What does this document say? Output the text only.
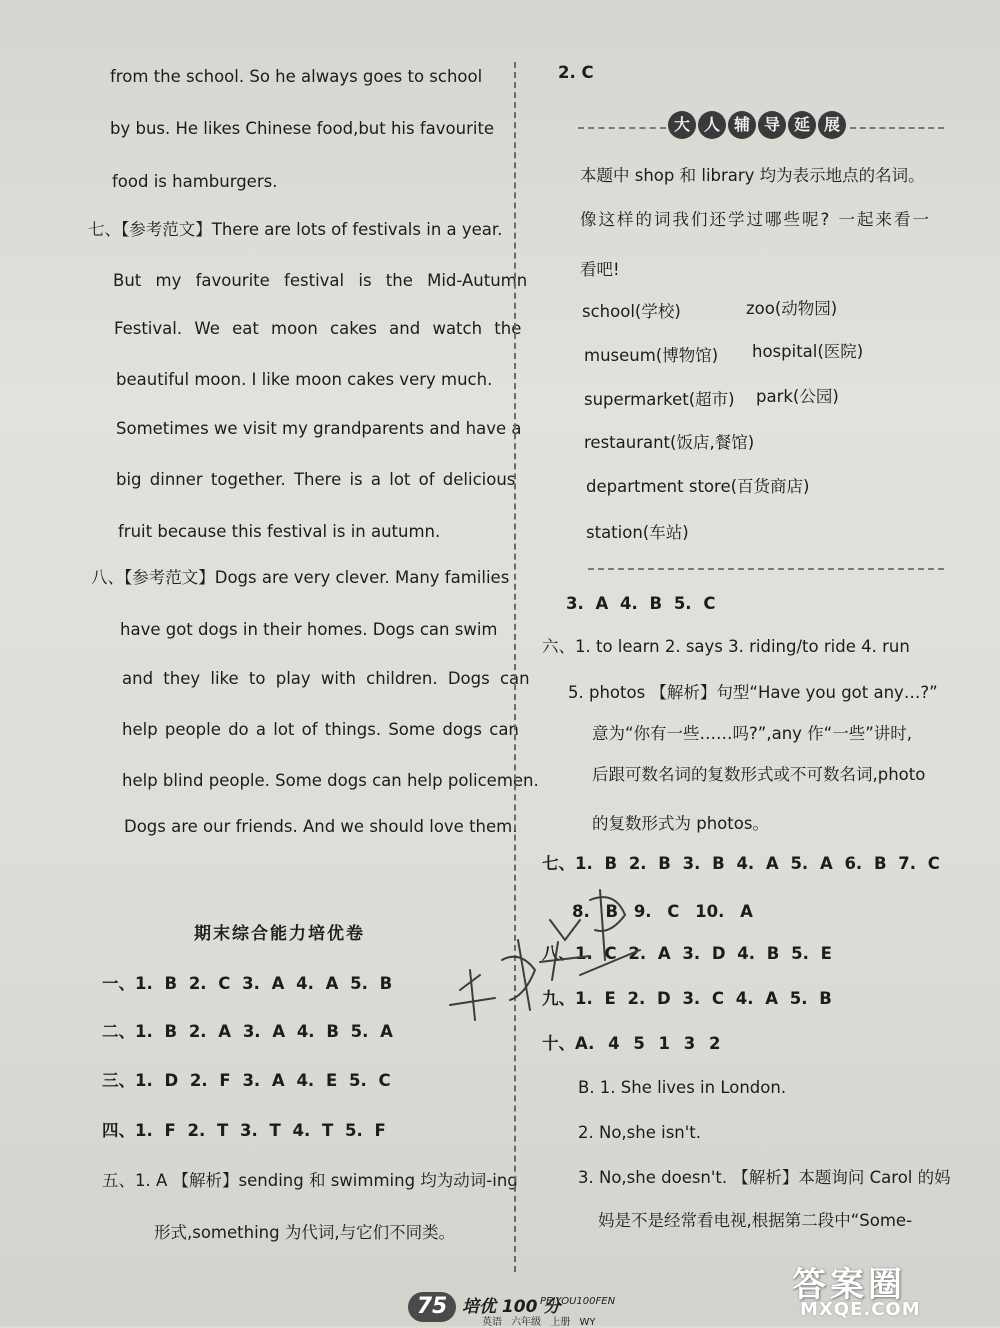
from the school. So he always goes to school
by bus. He likes Chinese food,but his favourite
food is hamburgers.
七、【参考范文】There are lots of festivals in a year.
But my favourite festival is the Mid-Autumn
Festival. We eat moon cakes and watch the
beautiful moon. I like moon cakes very much.
Sometimes we visit my grandparents and have a
big dinner together. There is a lot of delicious
fruit because this festival is in autumn.
八、【参考范文】Dogs are very clever. Many families
have got dogs in their homes. Dogs can swim
and they like to play with children. Dogs can
help people do a lot of things. Some dogs can
help blind people. Some dogs can help policemen.
Dogs are our friends. And we should love them.
期末综合能力培优卷
一、1. B 2. C 3. A 4. A 5. B
二、1. B 2. A 3. A 4. B 5. A
三、1. D 2. F 3. A 4. E 5. C
四、1. F 2. T 3. T 4. T 5. F
五、1. A 【解析】sending 和 swimming 均为动词-ing
形式,something 为代词,与它们不同类。
2. C
大 人 辅 导 延 展
本题中 shop 和 library 均为表示地点的名词。
像这样的词我们还学过哪些呢? 一起来看一
看吧!
school(学校)	zoo(动物园)
museum(博物馆) hospital(医院)
supermarket(超市) park(公园)
restaurant(饭店,餐馆)
department store(百货商店)
station(车站)
3. A 4. B 5. C
六、1. to learn 2. says 3. riding/to ride 4. run
5. photos 【解析】句型“Have you got any…?”
意为“你有一些……吗?”,any 作“一些”讲时,
后跟可数名词的复数形式或不可数名词,photo
的复数形式为 photos。
七、1. B 2. B 3. B 4. A 5. A 6. B 7. C
8. B 9. C 10. A
八、1. C 2. A 3. D 4. B 5. E
九、1. E 2. D 3. C 4. A 5. B
十、A. 4 5 1 3 2
B. 1. She lives in London.
2. No,she isn't.
3. No,she doesn't. 【解析】本题询问 Carol 的妈
妈是不是经常看电视,根据第二段中“Some-
75 培优 100 分
PEIYOU100FEN
英语 六年级 上册 WY
答案圈
MXQE.COM
